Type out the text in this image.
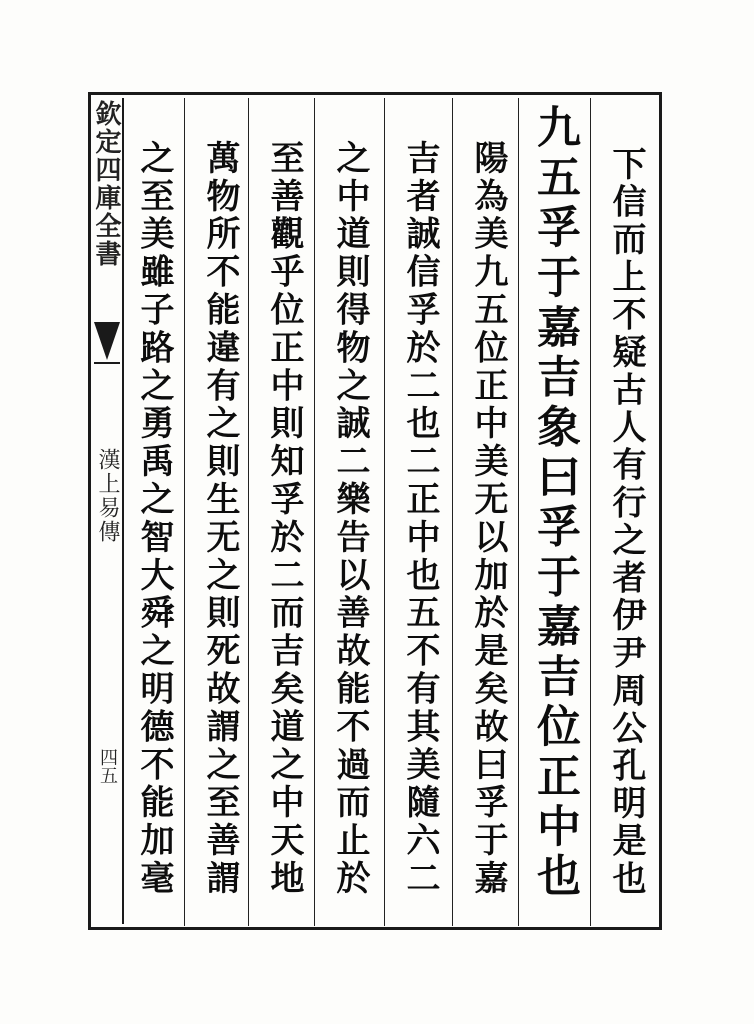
欽定四庫全書
漢上易傳
四五	下信而上不疑古人有行之者伊尹周公孔明是也
九五孚于嘉吉象曰孚于嘉吉位正中也
陽為美九五位正中美无以加於是矣故曰孚于嘉
吉者誠信孚於二也二正中也五不有其美隨六二
之中道則得物之誠二樂告以善故能不過而止於
至善觀乎位正中則知孚於二而吉矣道之中天地
萬物所不能違有之則生无之則死故謂之至善謂
之至美雖子路之勇禹之智大舜之明德不能加毫
